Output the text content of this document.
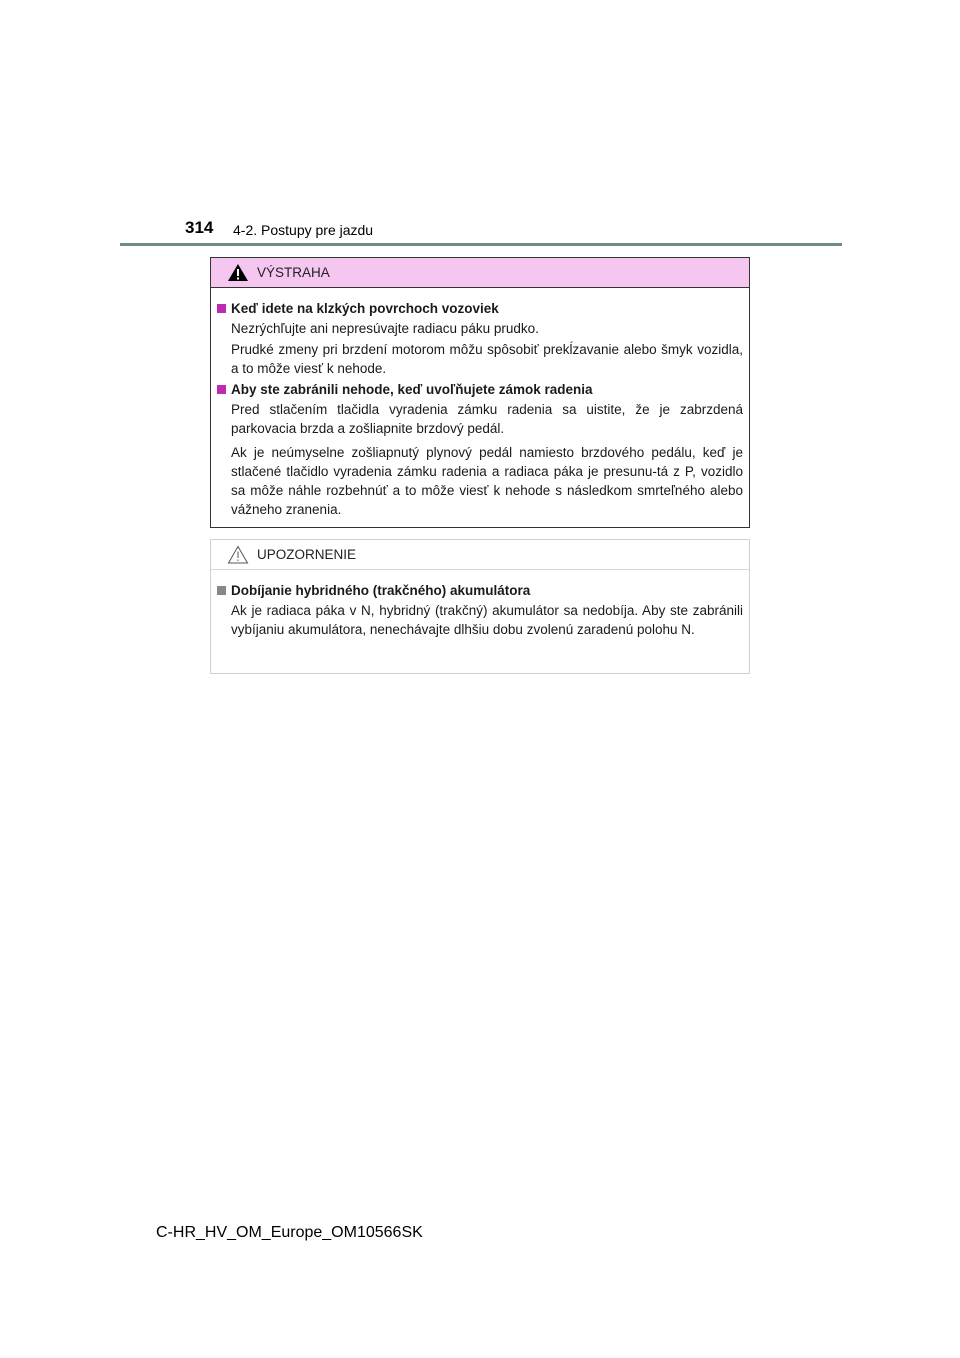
314 4-2. Postupy pre jazdu
VÝSTRAHA
Keď idete na klzkých povrchoch vozoviek

Nezrýchľujte ani nepresúvajte radiacu páku prudko.

Prudké zmeny pri brzdení motorom môžu spôsobiť prekĺzavanie alebo šmyk vozidla, a to môže viesť k nehode.

Aby ste zabránili nehode, keď uvoľňujete zámok radenia

Pred stlačením tlačidla vyradenia zámku radenia sa uistite, že je zabrzdená parkovacia brzda a zošliapnite brzdový pedál.

Ak je neúmyselne zošliapnutý plynový pedál namiesto brzdového pedálu, keď je stlačené tlačidlo vyradenia zámku radenia a radiaca páka je presunu-tá z P, vozidlo sa môže náhle rozbehnúť a to môže viesť k nehode s následkom smrteľného alebo vážneho zranenia.

UPOZORNENIE
Dobíjanie hybridného (trakčného) akumulátora

Ak je radiaca páka v N, hybridný (trakčný) akumulátor sa nedobíja. Aby ste zabránili vybíjaniu akumulátora, nenechávajte dlhšiu dobu zvolenú zaradenú polohu N.

C-HR_HV_OM_Europe_OM10566SK
